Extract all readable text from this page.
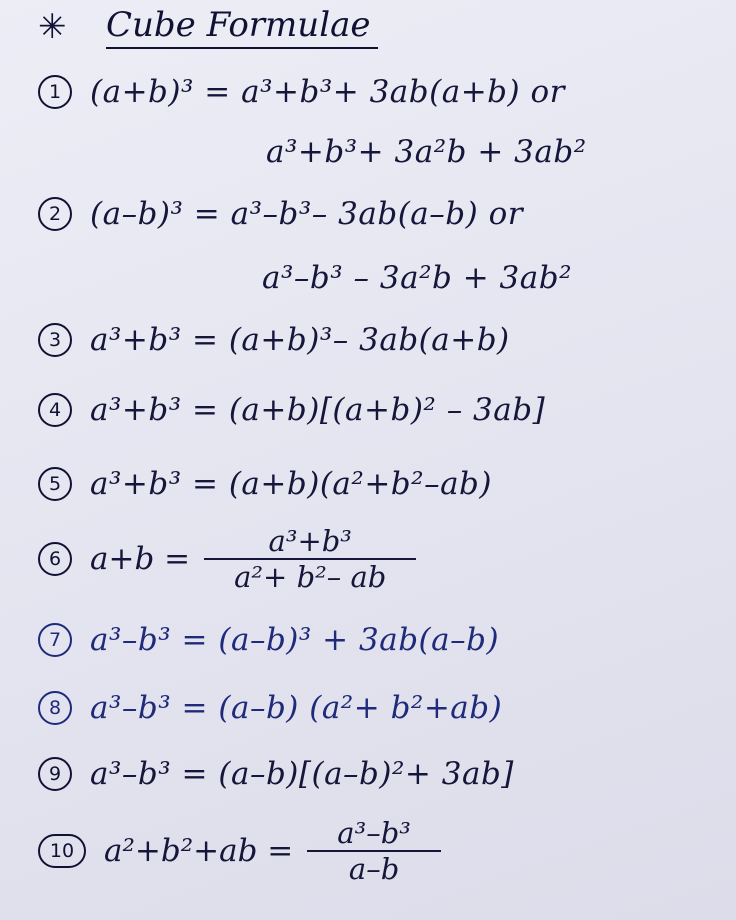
✳	Cube Formulae
1 (a+b)³ = a³+b³+ 3ab(a+b) or
a³+b³+ 3a²b + 3ab²
2 (a–b)³ = a³–b³– 3ab(a–b) or
a³–b³ – 3a²b + 3ab²
3 a³+b³ = (a+b)³– 3ab(a+b)
4 a³+b³ = (a+b)[(a+b)² – 3ab]
5 a³+b³ = (a+b)(a²+b²–ab)
6 $a+b = \frac{\text{a³+b³}}{\text{a²+ b²– ab}}$
7 a³–b³ = (a–b)³ + 3ab(a–b)
8 a³–b³ = (a–b) (a²+ b²+ab)
9 a³–b³ = (a–b)[(a–b)²+ 3ab]
10 $a^2+b^2+ab = \frac{\text{a³–b³}}{a-b}$
